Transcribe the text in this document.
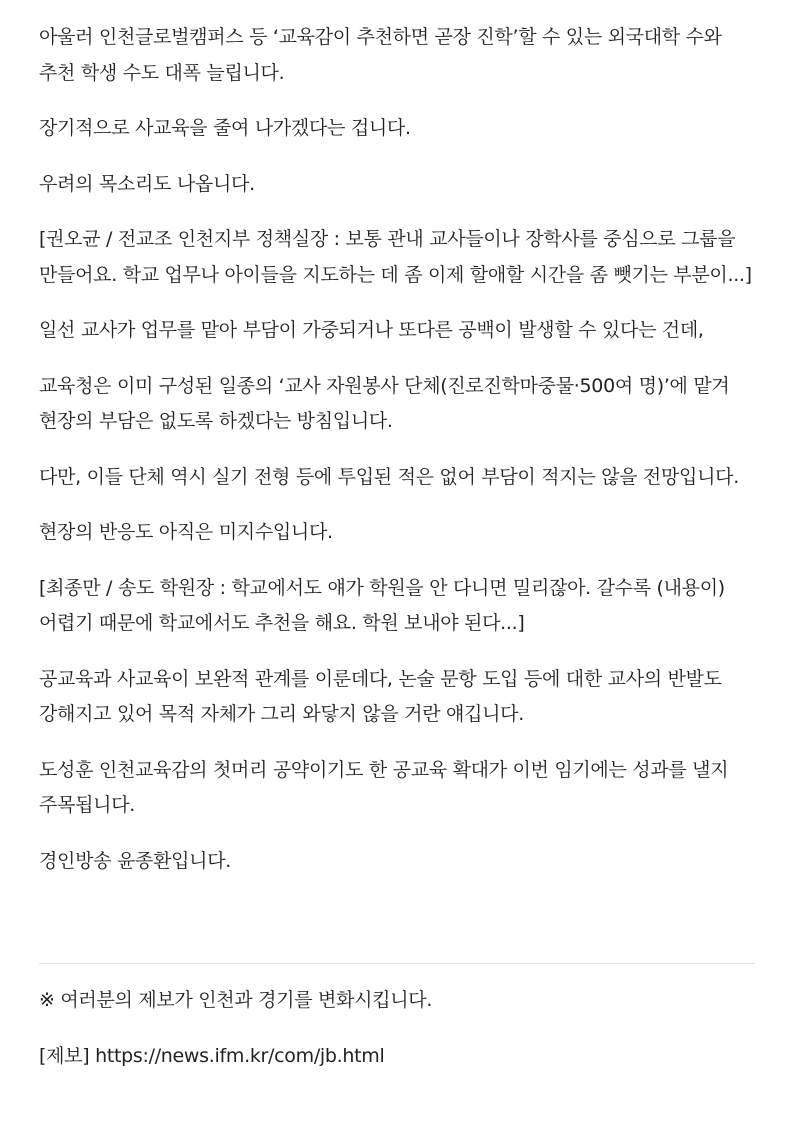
아울러 인천글로벌캠퍼스 등 ‘교육감이 추천하면 곧장 진학’할 수 있는 외국대학 수와 추천 학생 수도 대폭 늘립니다.

장기적으로 사교육을 줄여 나가겠다는 겁니다.

우려의 목소리도 나옵니다.

[권오균 / 전교조 인천지부 정책실장 : 보통 관내 교사들이나 장학사를 중심으로 그룹을 만들어요. 학교 업무나 아이들을 지도하는 데 좀 이제 할애할 시간을 좀 뺏기는 부분이...]

일선 교사가 업무를 맡아 부담이 가중되거나 또다른 공백이 발생할 수 있다는 건데,

교육청은 이미 구성된 일종의 ‘교사 자원봉사 단체(진로진학마중물·500여 명)’에 맡겨 현장의 부담은 없도록 하겠다는 방침입니다.

다만, 이들 단체 역시 실기 전형 등에 투입된 적은 없어 부담이 적지는 않을 전망입니다.

현장의 반응도 아직은 미지수입니다.

[최종만 / 송도 학원장 : 학교에서도 얘가 학원을 안 다니면 밀리잖아. 갈수록 (내용이) 어렵기 때문에 학교에서도 추천을 해요. 학원 보내야 된다...]

공교육과 사교육이 보완적 관계를 이룬데다, 논술 문항 도입 등에 대한 교사의 반발도 강해지고 있어 목적 자체가 그리 와닿지 않을 거란 얘깁니다.

도성훈 인천교육감의 첫머리 공약이기도 한 공교육 확대가 이번 임기에는 성과를 낼지 주목됩니다.

경인방송 윤종환입니다.

※ 여러분의 제보가 인천과 경기를 변화시킵니다.

[제보] https://news.ifm.kr/com/jb.html
